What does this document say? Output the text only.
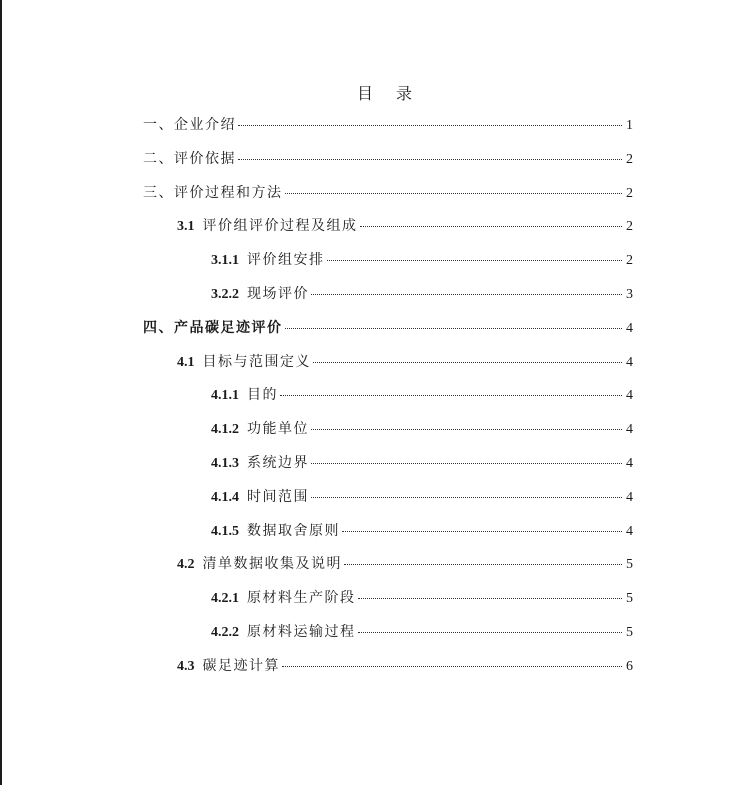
目 录
一、企业介绍	1
二、评价依据	2
三、评价过程和方法	2
3.1 评价组评价过程及组成	2
3.1.1 评价组安排	2
3.2.2 现场评价	3
四、产品碳足迹评价	4
4.1 目标与范围定义	4
4.1.1 目的	4
4.1.2 功能单位	4
4.1.3 系统边界	4
4.1.4 时间范围	4
4.1.5 数据取舍原则	4
4.2 清单数据收集及说明	5
4.2.1 原材料生产阶段	5
4.2.2 原材料运输过程	5
4.3 碳足迹计算	6
